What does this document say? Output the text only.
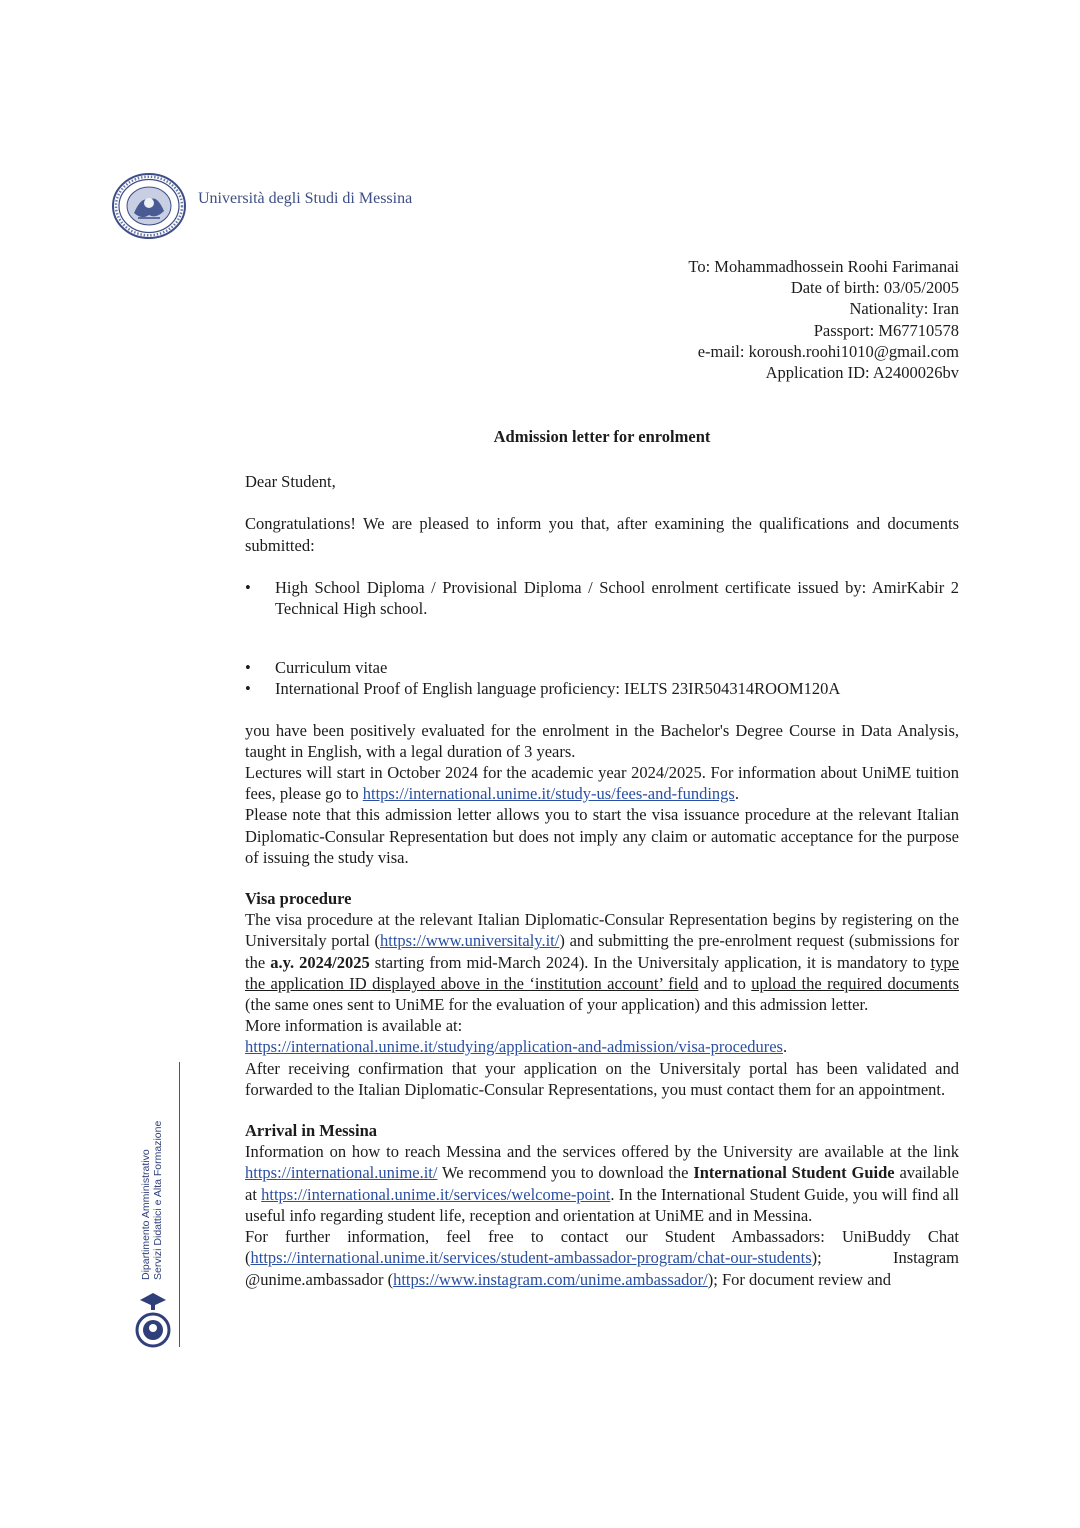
Università degli Studi di Messina
To: Mohammadhossein Roohi Farimanai
Date of birth: 03/05/2005
Nationality: Iran
Passport: M67710578
e-mail: koroush.roohi1010@gmail.com
Application ID: A2400026bv
Admission letter for enrolment

Dear Student,

Congratulations! We are pleased to inform you that, after examining the qualifications and documents submitted:

• High School Diploma / Provisional Diploma / School enrolment certificate issued by: AmirKabir 2 Technical High school.
• Curriculum vitae
• International Proof of English language proficiency: IELTS 23IR504314ROOM120A

you have been positively evaluated for the enrolment in the Bachelor's Degree Course in Data Analysis, taught in English, with a legal duration of 3 years.

Lectures will start in October 2024 for the academic year 2024/2025. For information about UniME tuition fees, please go to https://international.unime.it/study-us/fees-and-fundings.

Please note that this admission letter allows you to start the visa issuance procedure at the relevant Italian Diplomatic-Consular Representation but does not imply any claim or automatic acceptance for the purpose of issuing the study visa.

Visa procedure

The visa procedure at the relevant Italian Diplomatic-Consular Representation begins by registering on the Universitaly portal (https://www.universitaly.it/) and submitting the pre-enrolment request (submissions for the a.y. 2024/2025 starting from mid-March 2024). In the Universitaly application, it is mandatory to type the application ID displayed above in the ‘institution account’ field and to upload the required documents (the same ones sent to UniME for the evaluation of your application) and this admission letter.

More information is available at:

https://international.unime.it/studying/application-and-admission/visa-procedures.

After receiving confirmation that your application on the Universitaly portal has been validated and forwarded to the Italian Diplomatic-Consular Representations, you must contact them for an appointment.

Arrival in Messina

Information on how to reach Messina and the services offered by the University are available at the link https://international.unime.it/ We recommend you to download the International Student Guide available at https://international.unime.it/services/welcome-point. In the International Student Guide, you will find all useful info regarding student life, reception and orientation at UniME and in Messina.

For further information, feel free to contact our Student Ambassadors: UniBuddy Chat (https://international.unime.it/services/student-ambassador-program/chat-our-students); Instagram @unime.ambassador (https://www.instagram.com/unime.ambassador/); For document review and

Dipartimento Amministrativo Servizi Didattici e Alta Formazione
